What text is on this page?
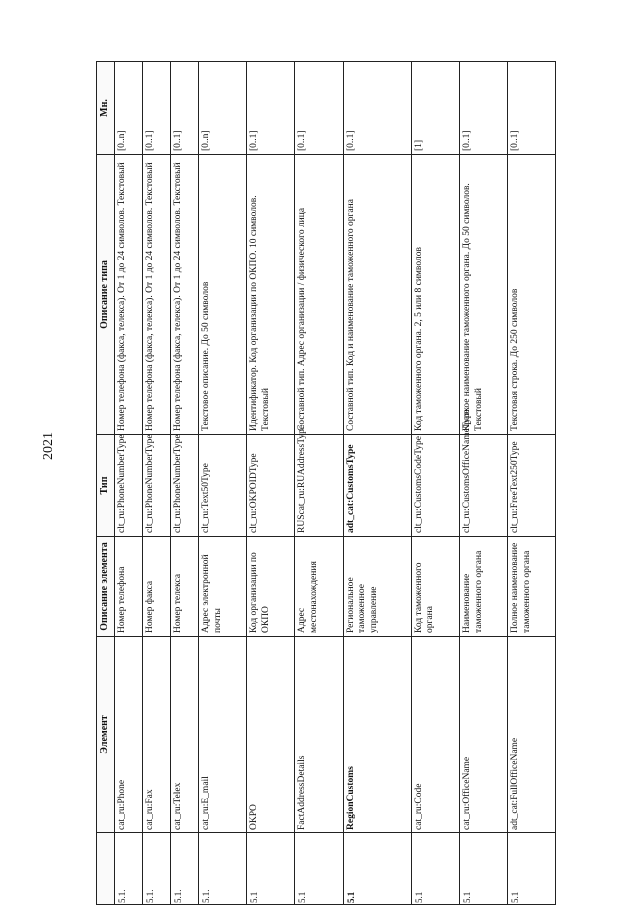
2021
	Элемент	Описание элемента	Тип	Описание типа	Мн.
5.1.	cat_ru:Phone	Номер телефона	clt_ru:PhoneNumberType	Номер телефона (факса, телекса). От 1 до 24 символов. Текстовый	[0..n]
5.1.	cat_ru:Fax	Номер факса	clt_ru:PhoneNumberType	Номер телефона (факса, телекса). От 1 до 24 символов. Текстовый	[0..1]
5.1.	cat_ru:Telex	Номер телекса	clt_ru:PhoneNumberType	Номер телефона (факса, телекса). От 1 до 24 символов. Текстовый	[0..1]
5.1.	cat_ru:E_mail	Адрес электронной почты	clt_ru:Text50Type	Текстовое описание. До 50 символов	[0..n]
5.1	OKPO	Код организации по ОКПО	clt_ru:OKPOIDType	Идентификатор. Код организации по ОКПО. 10 символов. Текстовый	[0..1]
5.1	FactAddressDetails	Адрес местонахождения	RUScat_ru:RUAddressType	Составной тип. Адрес организации / физического лица	[0..1]
5.1	RegionCustoms	Региональное таможенное управление	adt_cat:CustomsType	Составной тип. Код и наименование таможенного органа	[0..1]
5.1	cat_ru:Code	Код таможенного органа	clt_ru:CustomsCodeType	Код таможенного органа. 2, 5 или 8 символов	[1]
5.1	cat_ru:OfficeName	Наименование таможенного органа	clt_ru:CustomsOfficeNameType	Краткое наименование таможенного органа. До 50 символов. Текстовый	[0..1]
5.1	adt_cat:FullOfficeName	Полное наименование таможенного органа	clt_ru:FreeText250Type	Текстовая строка. До 250 символов	[0..1]
